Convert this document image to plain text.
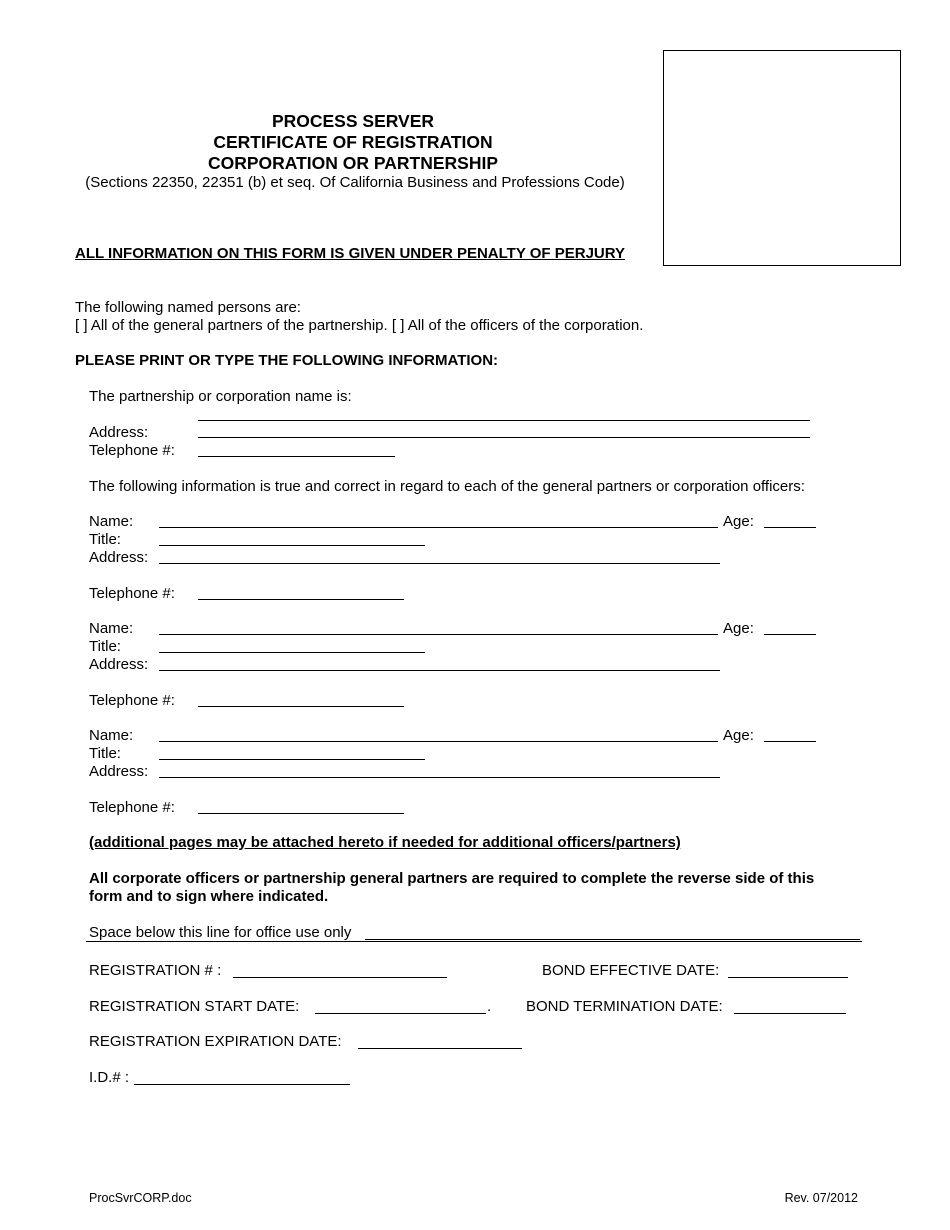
PROCESS SERVER
CERTIFICATE OF REGISTRATION
CORPORATION OR PARTNERSHIP
(Sections 22350, 22351 (b) et seq. Of California Business and Professions Code)
ALL INFORMATION ON THIS FORM IS GIVEN UNDER PENALTY OF PERJURY
The following named persons are:
[ ] All of the general partners of the partnership. [ ] All of the officers of the corporation.
PLEASE PRINT OR TYPE THE FOLLOWING INFORMATION:
The partnership or corporation name is:
Address:
Telephone #:
The following information is true and correct in regard to each of the general partners or corporation officers:
Name:	Age:
Title:
Address:
Telephone #:
Name:	Age:
Title:
Address:
Telephone #:
Name:	Age:
Title:
Address:
Telephone #:
(additional pages may be attached hereto if needed for additional officers/partners)
All corporate officers or partnership general partners are required to complete the reverse side of this
form and to sign where indicated.
Space below this line for office use only
REGISTRATION # :	BOND EFFECTIVE DATE:
REGISTRATION START DATE:	. BOND TERMINATION DATE:
REGISTRATION EXPIRATION DATE:
I.D.# :
ProcSvrCORP.doc	Rev. 07/2012
